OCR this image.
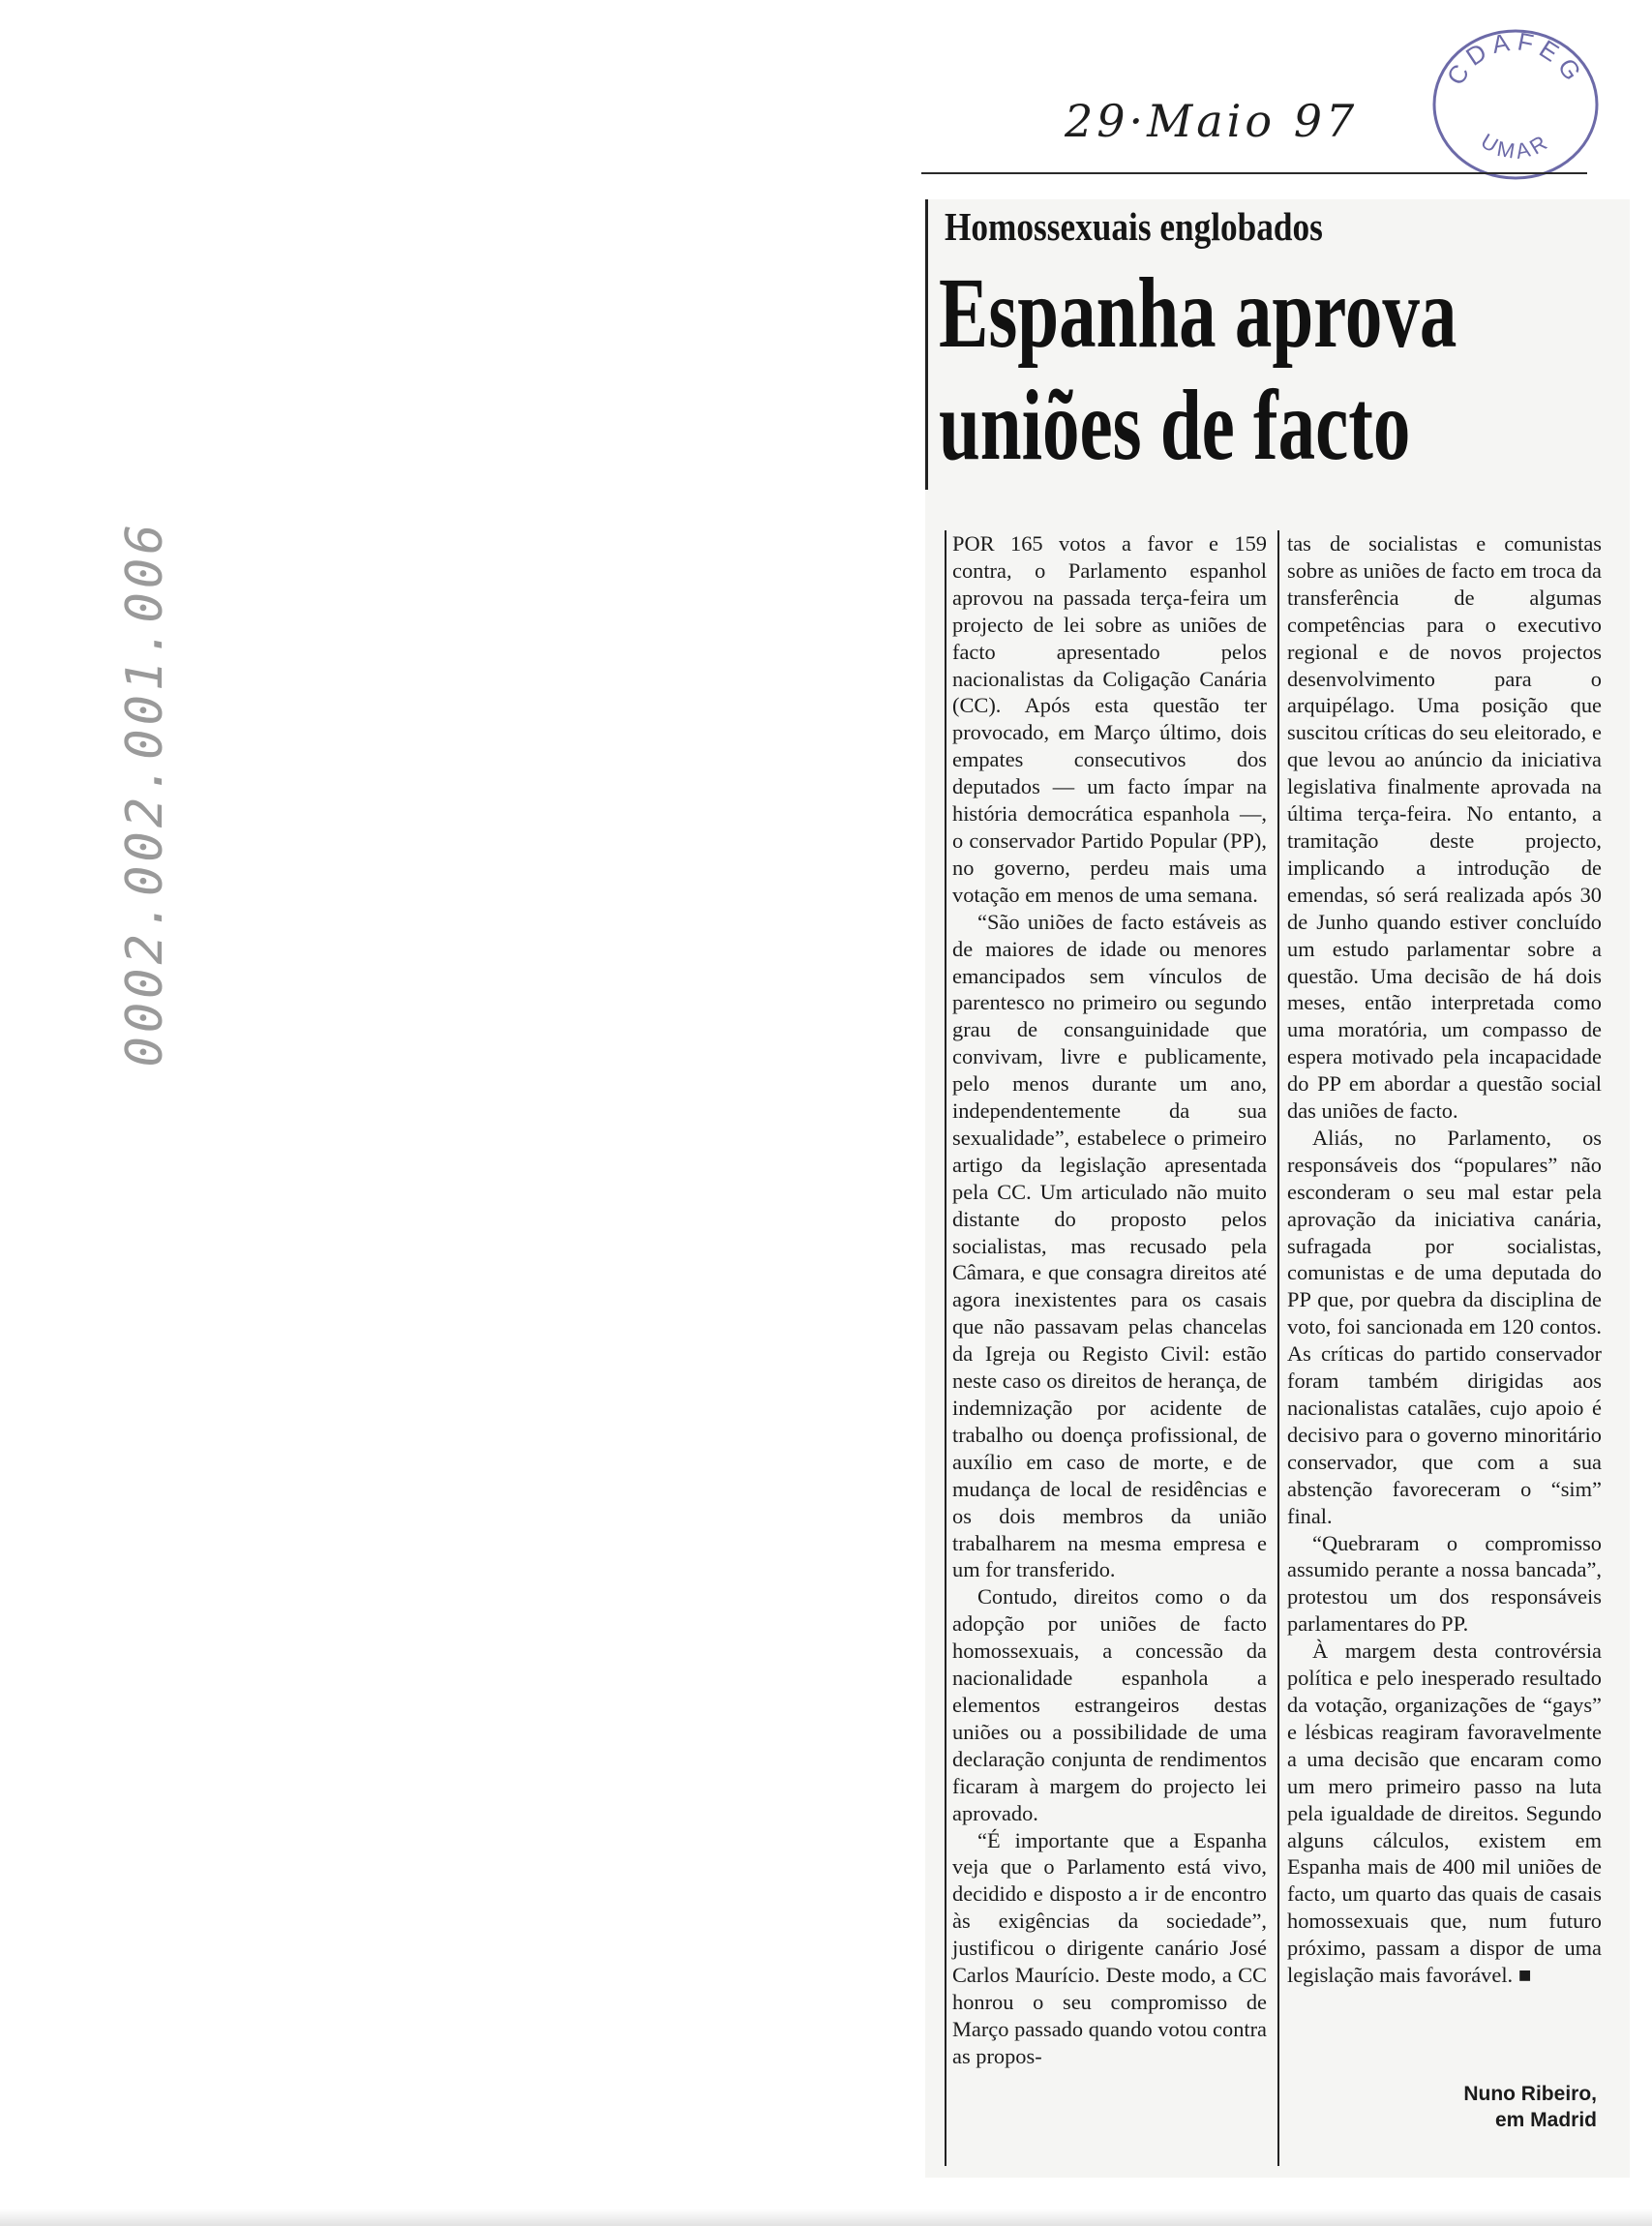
0002.002.001.006
29·Maio 97
CDAFEG
UMAR
Homossexuais englobados
Espanha aprova
uniões de facto

POR 165 votos a favor e 159 contra, o Parlamento espanhol aprovou na passada terça-feira um projecto de lei sobre as uniões de facto apresentado pelos nacionalistas da Coligação Canária (CC). Após esta questão ter provocado, em Março último, dois empates consecutivos dos deputados — um facto ímpar na história democrática espanhola —, o conservador Partido Popular (PP), no governo, perdeu mais uma votação em menos de uma semana.

“São uniões de facto estáveis as de maiores de idade ou menores emancipados sem vínculos de parentesco no primeiro ou segundo grau de consanguinidade que convivam, livre e publicamente, pelo menos durante um ano, independentemente da sua sexualidade”, estabelece o primeiro artigo da legislação apresentada pela CC. Um articulado não muito distante do proposto pelos socialistas, mas recusado pela Câmara, e que consagra direitos até agora inexistentes para os casais que não passavam pelas chancelas da Igreja ou Registo Civil: estão neste caso os direitos de herança, de indemnização por acidente de trabalho ou doença profissional, de auxílio em caso de morte, e de mudança de local de residências e os dois membros da união trabalharem na mesma empresa e um for transferido.

Contudo, direitos como o da adopção por uniões de facto homossexuais, a concessão da nacionalidade espanhola a elementos estrangeiros destas uniões ou a possibilidade de uma declaração conjunta de rendimentos ficaram à margem do projecto lei aprovado.

“É importante que a Espanha veja que o Parlamento está vivo, decidido e disposto a ir de encontro às exigências da sociedade”, justificou o dirigente canário José Carlos Maurício. Deste modo, a CC honrou o seu compromisso de Março passado quando votou contra as propos-

tas de socialistas e comunistas sobre as uniões de facto em troca da transferência de algumas competências para o executivo regional e de novos projectos desenvolvimento para o arquipélago. Uma posição que suscitou críticas do seu eleitorado, e que levou ao anúncio da iniciativa legislativa finalmente aprovada na última terça-feira. No entanto, a tramitação deste projecto, implicando a introdução de emendas, só será realizada após 30 de Junho quando estiver concluído um estudo parlamentar sobre a questão. Uma decisão de há dois meses, então interpretada como uma moratória, um compasso de espera motivado pela incapacidade do PP em abordar a questão social das uniões de facto.

Aliás, no Parlamento, os responsáveis dos “populares” não esconderam o seu mal estar pela aprovação da iniciativa canária, sufragada por socialistas, comunistas e de uma deputada do PP que, por quebra da disciplina de voto, foi sancionada em 120 contos. As críticas do partido conservador foram também dirigidas aos nacionalistas catalães, cujo apoio é decisivo para o governo minoritário conservador, que com a sua abstenção favoreceram o “sim” final.

“Quebraram o compromisso assumido perante a nossa bancada”, protestou um dos responsáveis parlamentares do PP.

À margem desta controvérsia política e pelo inesperado resultado da votação, organizações de “gays” e lésbicas reagiram favoravelmente a uma decisão que encaram como um mero primeiro passo na luta pela igualdade de direitos. Segundo alguns cálculos, existem em Espanha mais de 400 mil uniões de facto, um quarto das quais de casais homossexuais que, num futuro próximo, passam a dispor de uma legislação mais favorável. ■

Nuno Ribeiro,
em Madrid
